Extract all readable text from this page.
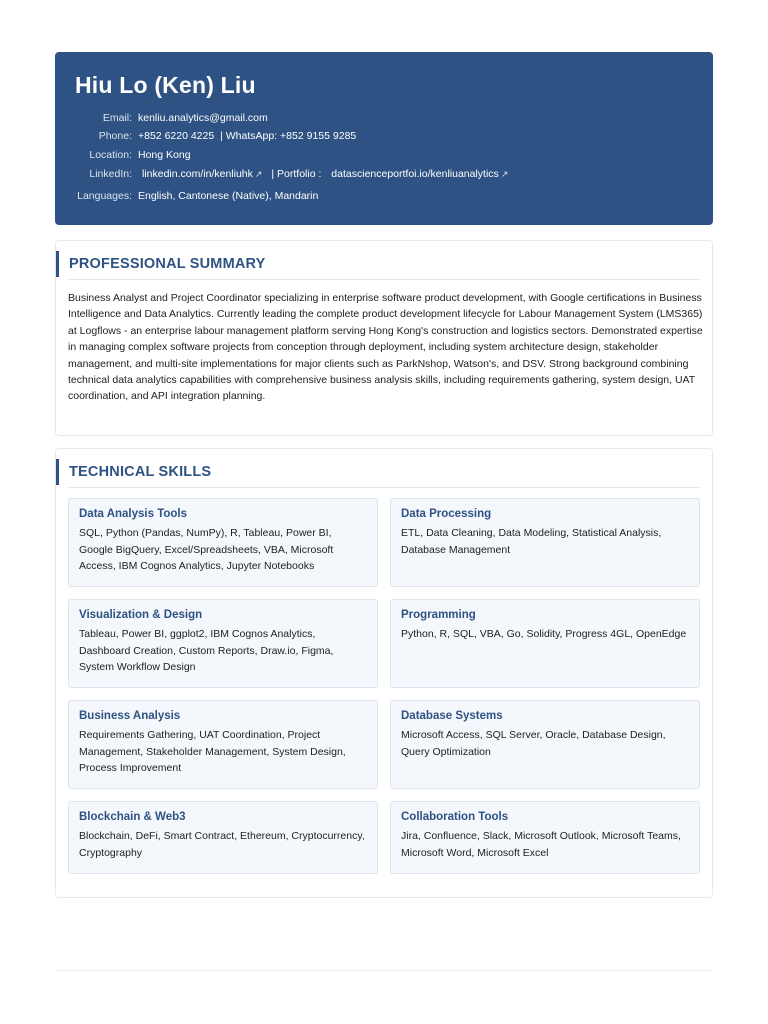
Hiu Lo (Ken) Liu
Email: kenliu.analytics@gmail.com
Phone: +852 6220 4225 | WhatsApp: +852 9155 9285
Location: Hong Kong
LinkedIn: linkedin.com/in/kenliuhk ↗ | Portfolio : datascienceportfoi.io/kenliuanalytics ↗
Languages: English, Cantonese (Native), Mandarin
PROFESSIONAL SUMMARY
Business Analyst and Project Coordinator specializing in enterprise software product development, with Google certifications in Business Intelligence and Data Analytics. Currently leading the complete product development lifecycle for Labour Management System (LMS365) at Logflows - an enterprise labour management platform serving Hong Kong's construction and logistics sectors. Demonstrated expertise in managing complex software projects from conception through deployment, including system architecture design, stakeholder management, and multi-site implementations for major clients such as ParkNshop, Watson's, and DSV. Strong background combining technical data analytics capabilities with comprehensive business analysis skills, including requirements gathering, system design, UAT coordination, and API integration planning.
TECHNICAL SKILLS
Data Analysis Tools
SQL, Python (Pandas, NumPy), R, Tableau, Power BI, Google BigQuery, Excel/Spreadsheets, VBA, Microsoft Access, IBM Cognos Analytics, Jupyter Notebooks
Data Processing
ETL, Data Cleaning, Data Modeling, Statistical Analysis, Database Management
Visualization & Design
Tableau, Power BI, ggplot2, IBM Cognos Analytics, Dashboard Creation, Custom Reports, Draw.io, Figma, System Workflow Design
Programming
Python, R, SQL, VBA, Go, Solidity, Progress 4GL, OpenEdge
Business Analysis
Requirements Gathering, UAT Coordination, Project Management, Stakeholder Management, System Design, Process Improvement
Database Systems
Microsoft Access, SQL Server, Oracle, Database Design, Query Optimization
Blockchain & Web3
Blockchain, DeFi, Smart Contract, Ethereum, Cryptocurrency, Cryptography
Collaboration Tools
Jira, Confluence, Slack, Microsoft Outlook, Microsoft Teams, Microsoft Word, Microsoft Excel
